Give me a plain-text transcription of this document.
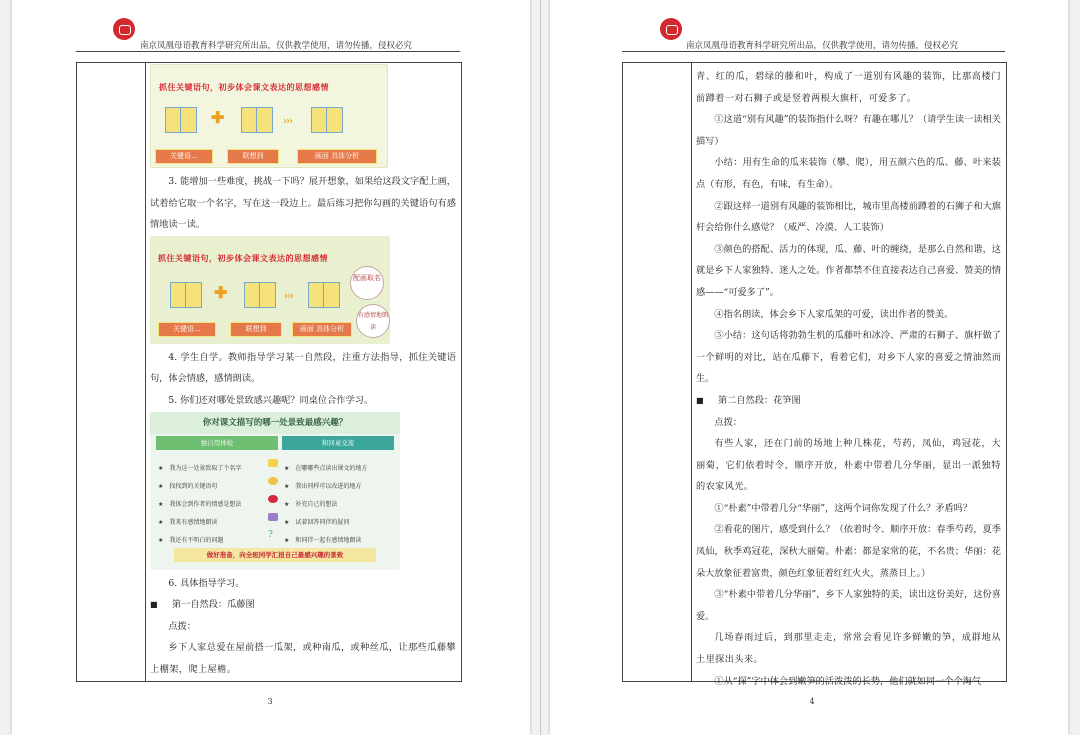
南京凤凰母语教育科学研究所出品，仅供教学使用，请勿传播，侵权必究
抓住关键语句，初步体会课文表达的思想感情
✚	›››
关键语…	联想到	画面 具体分析

3. 能增加一些难度，挑战一下吗？展开想象，如果给这段文字配上画，试着给它取一个名字，写在这一段边上。最后练习把你勾画的关键语句有感情地读一读。

抓住关键语句，初步体会课文表达的思想感情
✚	›››
配画取名
有感情地朗读
关键语…	联想到	画面 具体分析

4. 学生自学。教师指导学习某一自然段，注重方法指导，抓住关键语句，体会情感，感情朗读。

5. 你们还对哪处景致感兴趣呢？同桌位合作学习。

你对课文描写的哪一处景致最感兴趣？
独自用体检	和同桌交流
★ 我为这一处景致取了个名字
★ 找找到的关键语句
★ 我体会到作者的情感是想法
★ 我来有感情地朗读
★ 我还有不明白的问题
?
★ 在哪哪些点读出课文的地方
★ 我出同样可以改进的地方
★ 补充自己的想法
★ 试着回答同伴的疑问
★ 和同伴一起有感情地朗读
做好准备，向全班同学汇报自己最感兴趣的景致

6. 具体指导学习。

■ 第一自然段：瓜藤图

点拨：

乡下人家总爱在屋前搭一瓜架，或种南瓜，或种丝瓜，让那些瓜藤攀上棚架，爬上屋檐。

3
南京凤凰母语教育科学研究所出品，仅供教学使用，请勿传播，侵权必究

青、红的瓜，碧绿的藤和叶，构成了一道别有风趣的装饰，比那高楼门前蹲着一对石狮子或是竖着两根大旗杆，可爱多了。

①这道“别有风趣”的装饰指什么呀？有趣在哪儿？（请学生读一读相关描写）

小结：用有生命的瓜来装饰（攀、爬），用五颜六色的瓜、藤、叶来装点（有形，有色，有味，有生命）。

②跟这样一道别有风趣的装饰相比，城市里高楼前蹲着的石狮子和大旗杆会给你什么感觉？（威严、冷漠、人工装饰）

③颜色的搭配、活力的体现，瓜、藤、叶的缠绕，是那么自然和谐，这就是乡下人家独特、迷人之处。作者都禁不住直接表达自己喜爱、赞美的情感——“可爱多了”。

④指名朗读，体会乡下人家瓜架的可爱，读出作者的赞美。

⑤小结：这句话将勃勃生机的瓜藤叶和冰冷、严肃的石狮子、旗杆做了一个鲜明的对比，站在瓜藤下，看着它们，对乡下人家的喜爱之情油然而生。

■ 第二自然段：花笋图

点拨：

有些人家，还在门前的场地上种几株花，芍药，凤仙，鸡冠花，大丽菊，它们依着时令，顺序开放，朴素中带着几分华丽，显出一派独特的农家风光。

①“朴素”中带着几分“华丽”，这两个词你发现了什么？矛盾吗？

②看花的图片，感受到什么？（依着时令、顺序开放：春季芍药，夏季凤仙，秋季鸡冠花，深秋大丽菊。朴素：都是家常的花，不名贵；华丽：花朵大放象征着富贵，颜色红象征着红红火火，蒸蒸日上。）

③“朴素中带着几分华丽”，乡下人家独特的美，读出这份美好，这份喜爱。

几场春雨过后，到那里走走，常常会看见许多鲜嫩的笋，成群地从土里探出头来。

①从“探”字中体会到嫩笋的活泼泼的长势，他们就如同一个个淘气

4
